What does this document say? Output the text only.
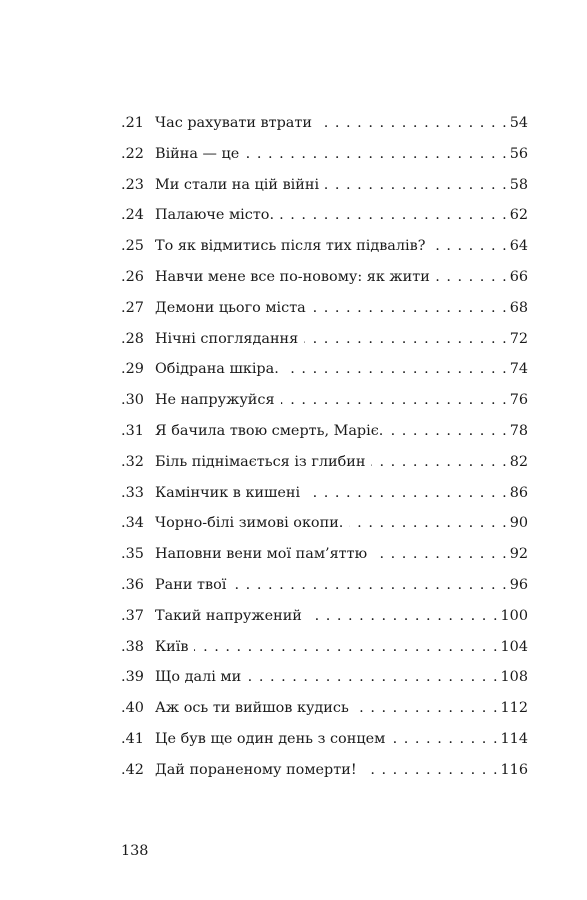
.21 Час рахувати втрати . . .	54
.22 Війна — це . . .	56
.23 Ми стали на цій війні . . .	58
.24 Палаюче місто. . . .	62
.25 То як відмитись після тих підвалів? . . .	64
.26 Навчи мене все по-новому: як жити . . .	66
.27 Демони цього міста . . .	68
.28 Нічні споглядання . . .	72
.29 Обідрана шкіра. . . .	74
.30 Не напружуйся . . .	76
.31 Я бачила твою смерть, Маріє. . . .	78
.32 Біль піднімається із глибин . . .	82
.33 Камінчик в кишені . . .	86
.34 Чорно-білі зимові окопи. . . .	90
.35 Наповни вени мої пам’яттю . . .	92
.36 Рани твої . . .	96
.37 Такий напружений . . .	100
.38 Київ . . .	104
.39 Що далі ми . . .	108
.40 Аж ось ти вийшов кудись . . .	112
.41 Це був ще один день з сонцем . . .	114
.42 Дай пораненому померти! . . .	116
138
